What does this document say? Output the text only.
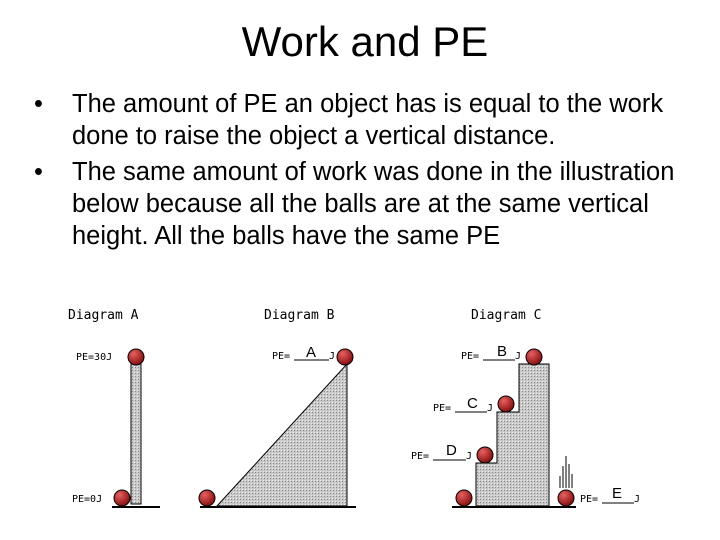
Work and PE
• The amount of PE an object has is equal to the work done to raise the object a vertical distance.
• The same amount of work was done in the illustration below because all the balls are at the same vertical height. All the balls have the same PE
Diagram A
PE=30J
PE=0J
Diagram B
PE= A J
Diagram C
PE= B J
PE= C J
PE= D J
PE= E J
